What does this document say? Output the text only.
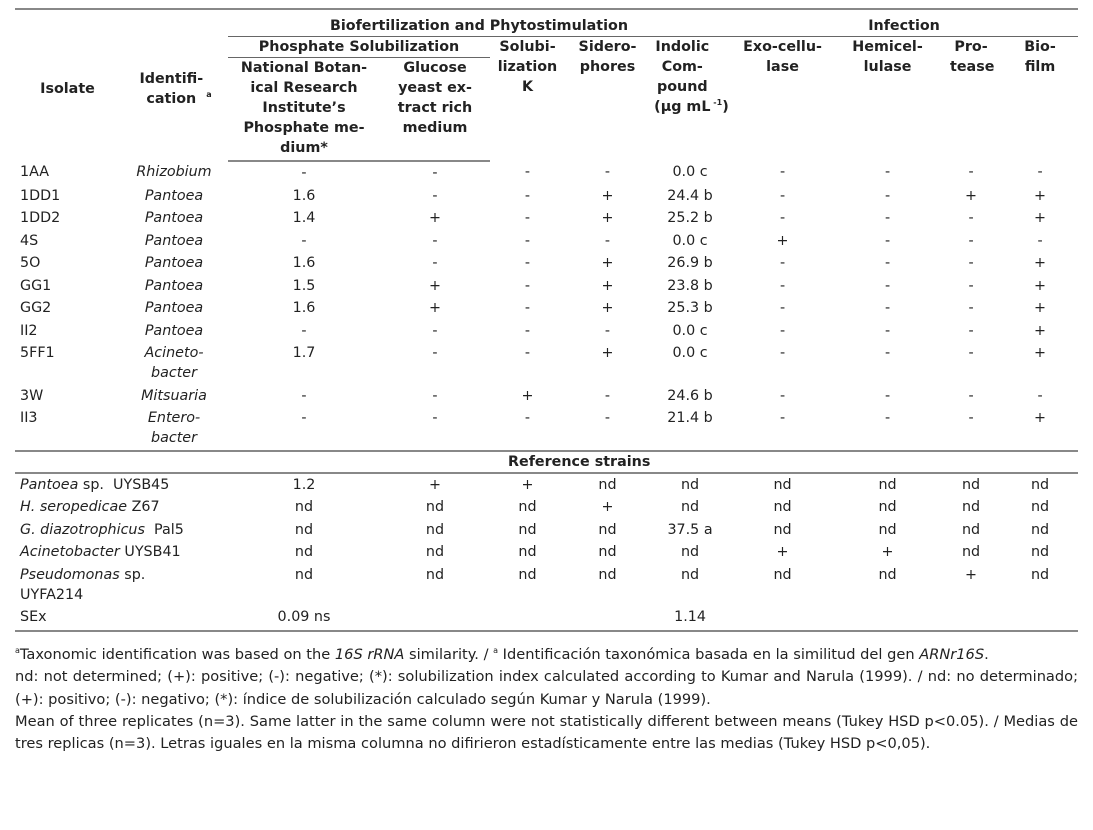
Isolate	Identifi-cation $^a$	Biofertilization and Phytostimulation					Infection			
		Phosphate Solubilization		Solubi-lization K	Sidero-phores	Indolic Com-pound (μg mL $^{-1}$)	Exo-cellu-lase	Hemicel-lulase	Pro-tease	Bio-film
		National Botan-ical Research Institute’s Phosphate me-dium*	Glucose yeast ex-tract rich medium							
1AA	Rhizobium	-	-	-	-	0.0 c	-	-	-	-
1DD1	Pantoea	1.6	-	-	+	24.4 b	-	-	+	+
1DD2	Pantoea	1.4	+	-	+	25.2 b	-	-	-	+
4S	Pantoea	-	-	-	-	0.0 c	+	-	-	-
5O	Pantoea	1.6	-	-	+	26.9 b	-	-	-	+
GG1	Pantoea	1.5	+	-	+	23.8 b	-	-	-	+
GG2	Pantoea	1.6	+	-	+	25.3 b	-	-	-	+
II2	Pantoea	-	-	-	-	0.0 c	-	-	-	+
5FF1	Acineto-bacter	1.7	-	-	+	0.0 c	-	-	-	+
3W	Mitsuaria	-	-	+	-	24.6 b	-	-	-	-
II3	Entero-bacter	-	-	-	-	21.4 b	-	-	-	+
		Reference strains								
Pantoea sp.  UYSB45		1.2	+	+	nd	nd	nd	nd	nd	nd
H. seropedicae Z67		nd	nd	nd	+	nd	nd	nd	nd	nd
G. diazotrophicus  Pal5		nd	nd	nd	nd	37.5 a	nd	nd	nd	nd
Acinetobacter UYSB41		nd	nd	nd	nd	nd	+	+	nd	nd
Pseudomonas sp. UYFA214		nd	nd	nd	nd	nd	nd	nd	+	nd
SEx		0.09 ns				1.14				

$^a$Taxonomic identification was based on the 16S rRNA similarity. / $^a$ Identificación taxonómica basada en la similitud del gen ARNr16S.

nd: not determined; (+): positive; (-): negative; (*): solubilization index calculated according to Kumar and Narula (1999). / nd: no determinado; (+): positivo; (-): negativo; (*): índice de solubilización calculado según Kumar y Narula (1999).

Mean of three replicates (n=3). Same latter in the same column were not statistically different between means (Tukey HSD p<0.05). / Medias de tres replicas (n=3). Letras iguales en la misma columna no difirieron estadísticamente entre las medias (Tukey HSD p<0,05).
